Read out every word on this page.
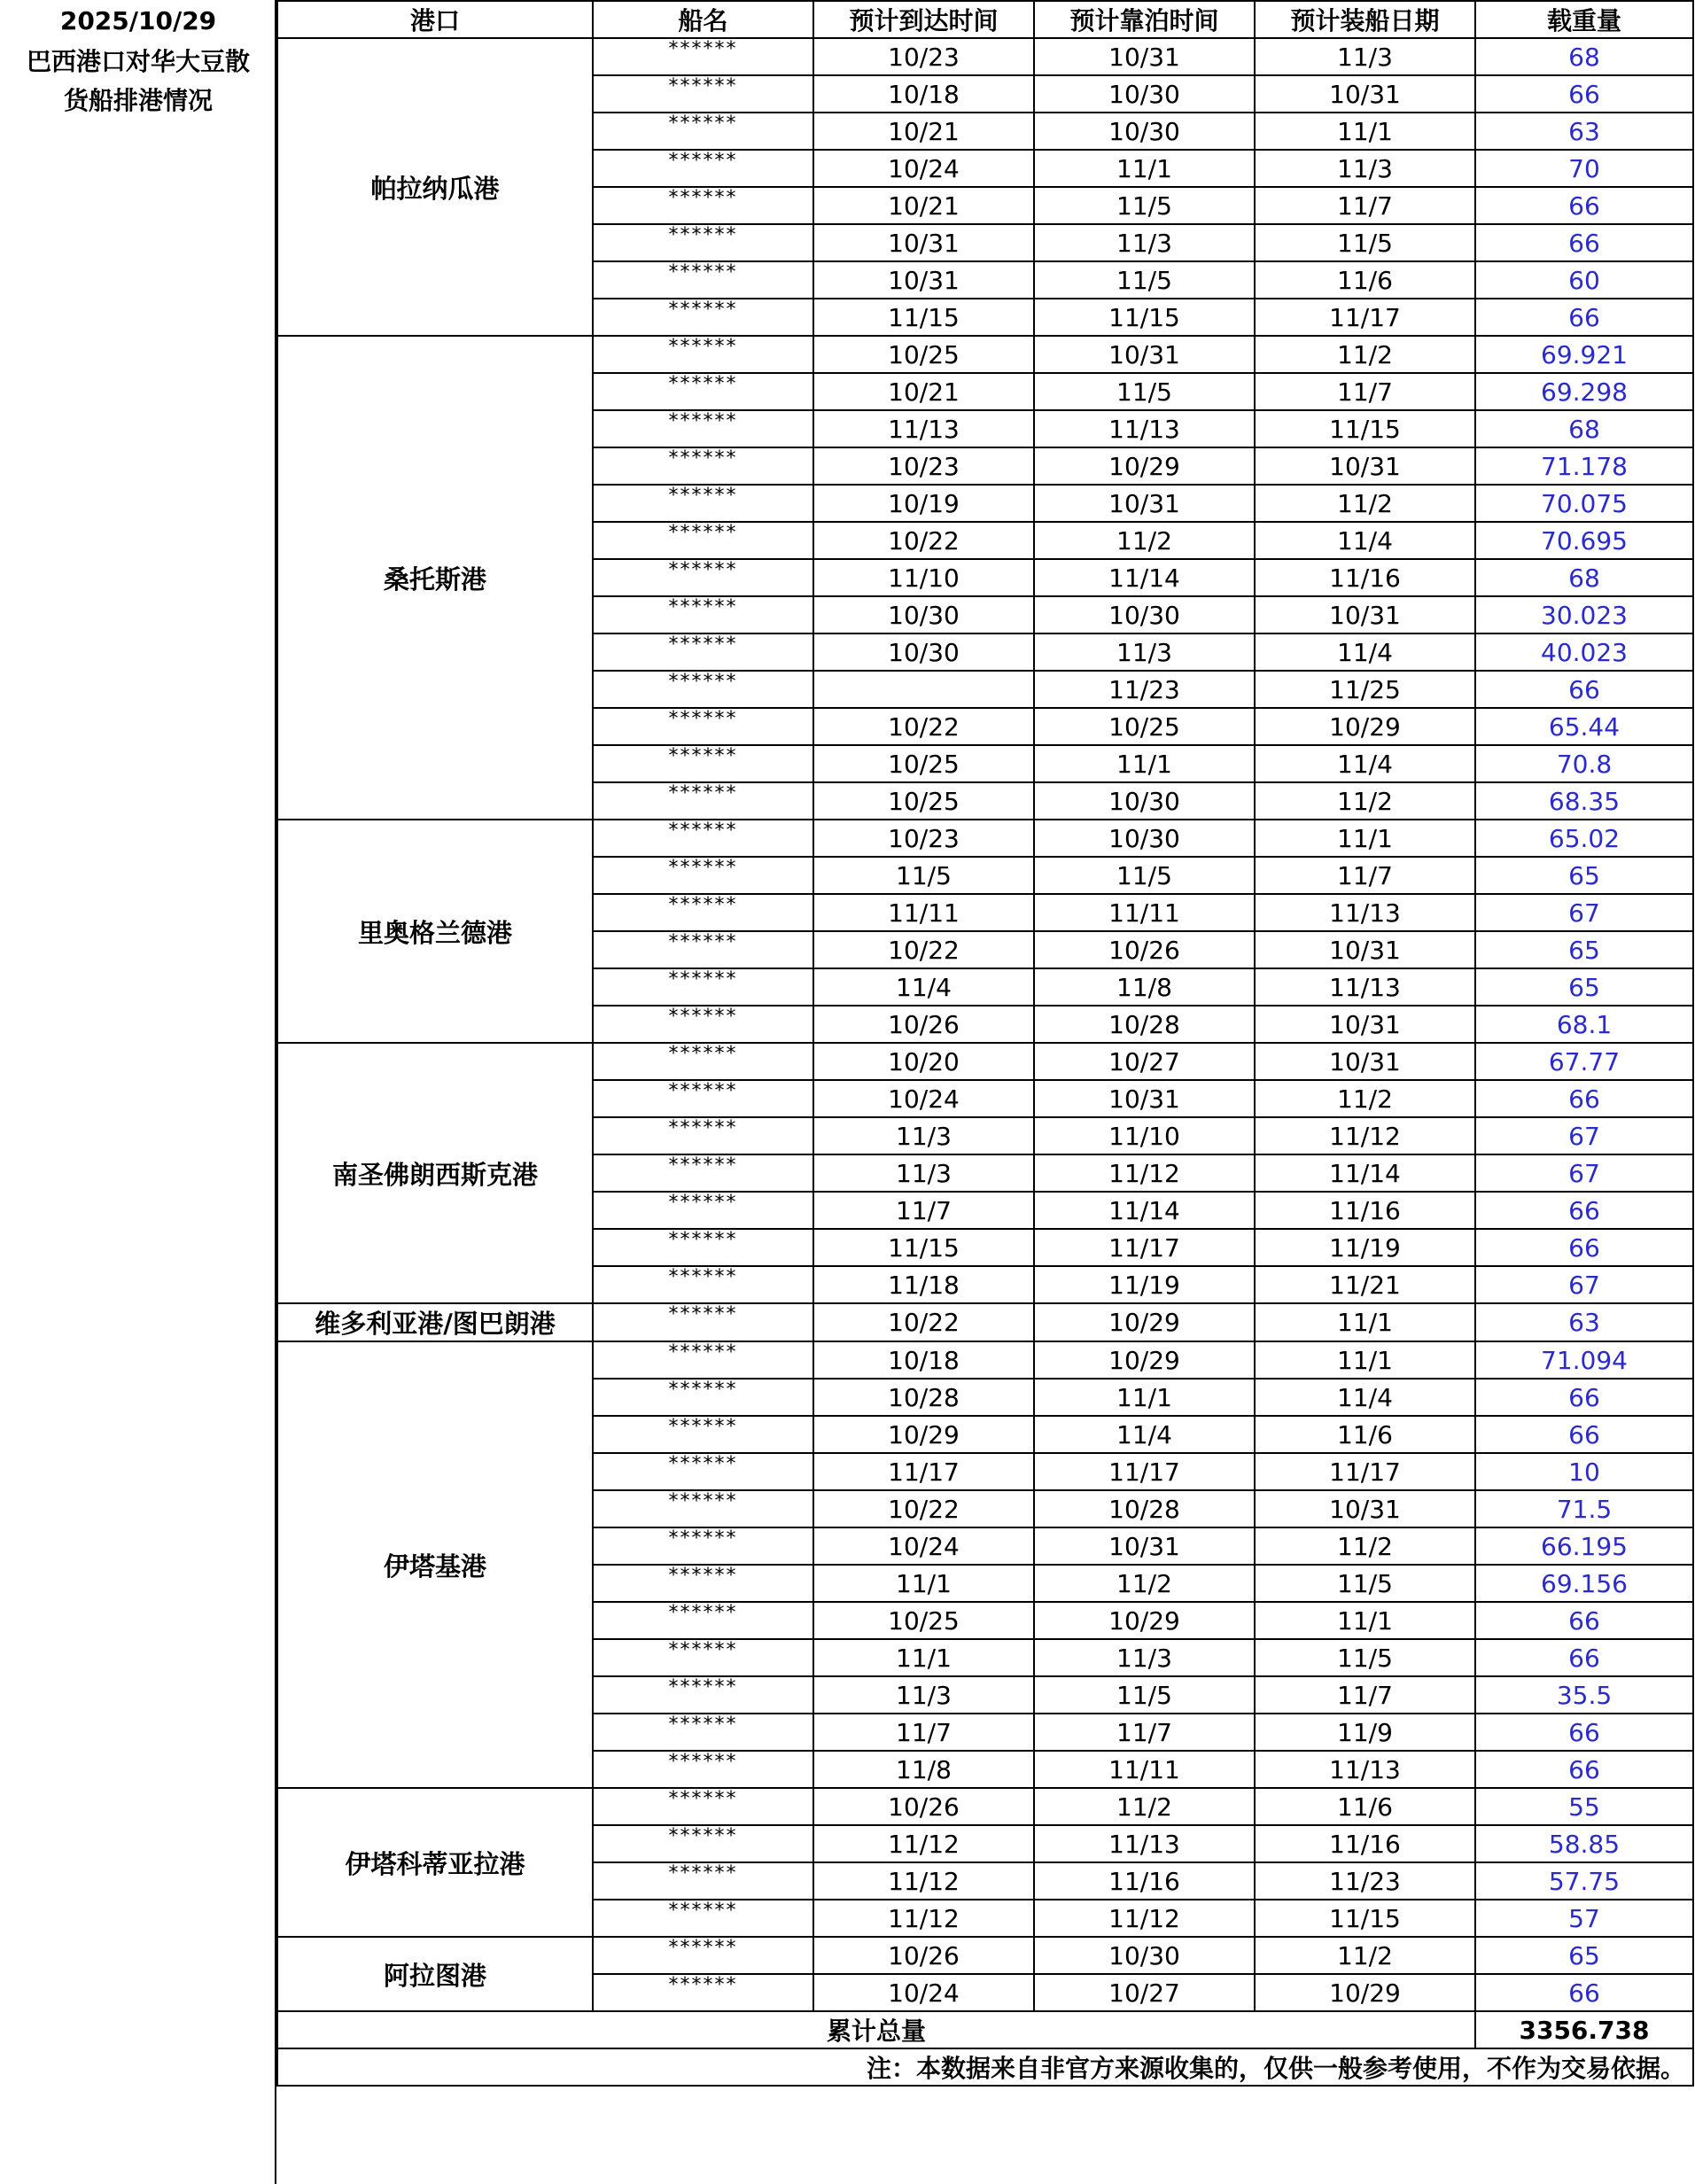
2025/10/29
巴西港口对华大豆散
货船排港情况
港口	船名	预计到达时间	预计靠泊时间	预计装船日期	载重量
帕拉纳瓜港	******	10/23	10/31	11/3	68
	******	10/18	10/30	10/31	66
	******	10/21	10/30	11/1	63
	******	10/24	11/1	11/3	70
	******	10/21	11/5	11/7	66
	******	10/31	11/3	11/5	66
	******	10/31	11/5	11/6	60
	******	11/15	11/15	11/17	66
桑托斯港	******	10/25	10/31	11/2	69.921
	******	10/21	11/5	11/7	69.298
	******	11/13	11/13	11/15	68
	******	10/23	10/29	10/31	71.178
	******	10/19	10/31	11/2	70.075
	******	10/22	11/2	11/4	70.695
	******	11/10	11/14	11/16	68
	******	10/30	10/30	10/31	30.023
	******	10/30	11/3	11/4	40.023
	******		11/23	11/25	66
	******	10/22	10/25	10/29	65.44
	******	10/25	11/1	11/4	70.8
	******	10/25	10/30	11/2	68.35
里奥格兰德港	******	10/23	10/30	11/1	65.02
	******	11/5	11/5	11/7	65
	******	11/11	11/11	11/13	67
	******	10/22	10/26	10/31	65
	******	11/4	11/8	11/13	65
	******	10/26	10/28	10/31	68.1
南圣佛朗西斯克港	******	10/20	10/27	10/31	67.77
	******	10/24	10/31	11/2	66
	******	11/3	11/10	11/12	67
	******	11/3	11/12	11/14	67
	******	11/7	11/14	11/16	66
	******	11/15	11/17	11/19	66
	******	11/18	11/19	11/21	67
维多利亚港/图巴朗港	******	10/22	10/29	11/1	63
伊塔基港	******	10/18	10/29	11/1	71.094
	******	10/28	11/1	11/4	66
	******	10/29	11/4	11/6	66
	******	11/17	11/17	11/17	10
	******	10/22	10/28	10/31	71.5
	******	10/24	10/31	11/2	66.195
	******	11/1	11/2	11/5	69.156
	******	10/25	10/29	11/1	66
	******	11/1	11/3	11/5	66
	******	11/3	11/5	11/7	35.5
	******	11/7	11/7	11/9	66
	******	11/8	11/11	11/13	66
伊塔科蒂亚拉港	******	10/26	11/2	11/6	55
	******	11/12	11/13	11/16	58.85
	******	11/12	11/16	11/23	57.75
	******	11/12	11/12	11/15	57
阿拉图港	******	10/26	10/30	11/2	65
	******	10/24	10/27	10/29	66
累计总量					3356.738
注：本数据来自非官方来源收集的，仅供一般参考使用，不作为交易依据。					
